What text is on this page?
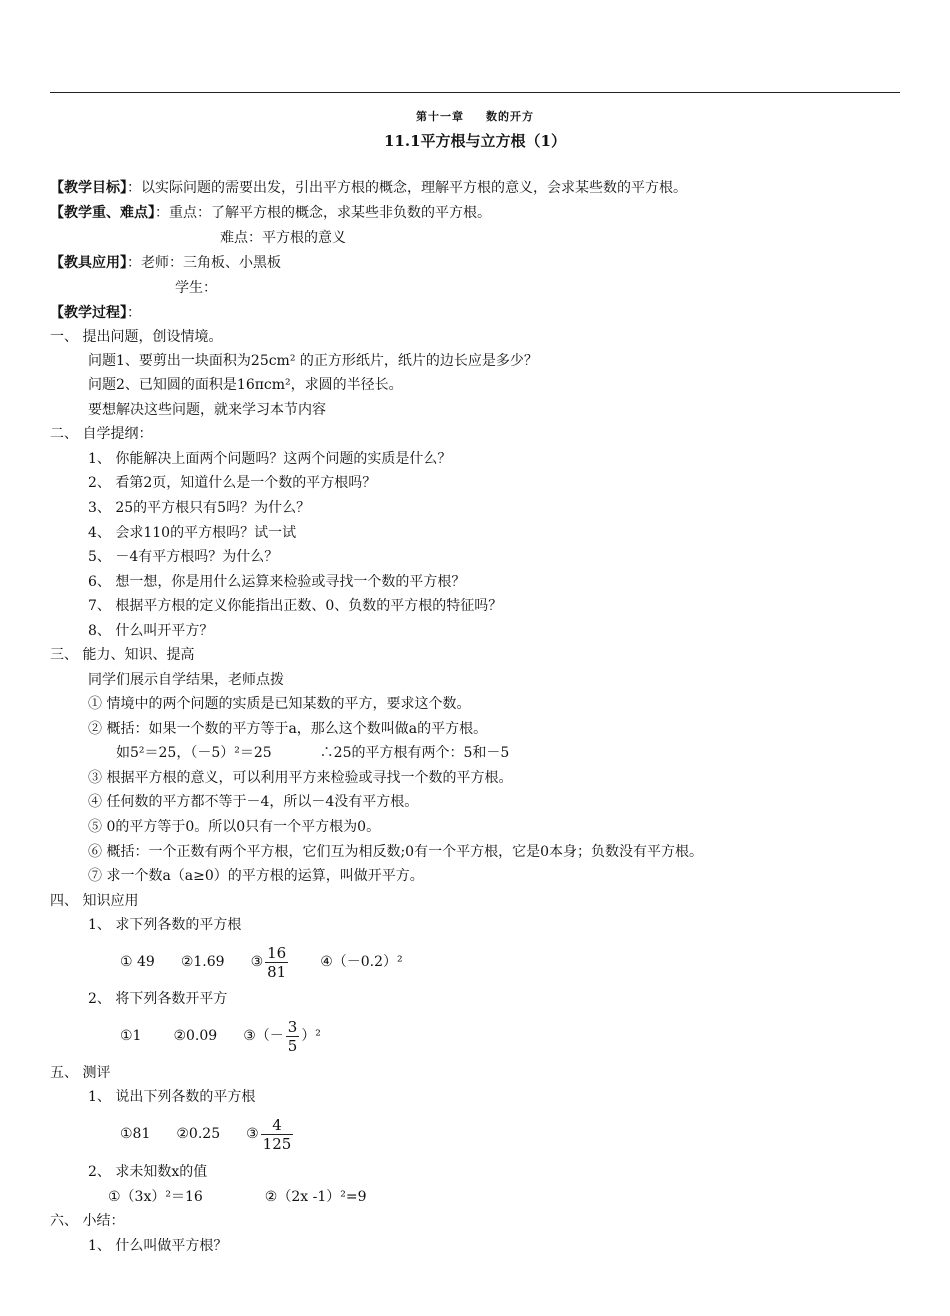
第十一章 数的开方
11.1平方根与立方根（1）
【教学目标】：以实际问题的需要出发，引出平方根的概念，理解平方根的意义，会求某些数的平方根。
【教学重、难点】：重点：了解平方根的概念，求某些非负数的平方根。
难点：平方根的意义
【教具应用】：老师：三角板、小黑板
学生：
【教学过程】：
一、 提出问题，创设情境。
问题1、要剪出一块面积为25cm² 的正方形纸片，纸片的边长应是多少？
问题2、已知圆的面积是16πcm²，求圆的半径长。
要想解决这些问题，就来学习本节内容
二、 自学提纲：
1、 你能解决上面两个问题吗？这两个问题的实质是什么？
2、 看第2页，知道什么是一个数的平方根吗？
3、 25的平方根只有5吗？为什么？
4、 会求110的平方根吗？试一试
5、 －4有平方根吗？为什么？
6、 想一想，你是用什么运算来检验或寻找一个数的平方根？
7、 根据平方根的定义你能指出正数、0、负数的平方根的特征吗？
8、 什么叫开平方？
三、 能力、知识、提高
同学们展示自学结果，老师点拨
① 情境中的两个问题的实质是已知某数的平方，要求这个数。
② 概括：如果一个数的平方等于a，那么这个数叫做a的平方根。
如5²＝25，（－5）²＝25	∴25的平方根有两个：5和－5
③ 根据平方根的意义，可以利用平方来检验或寻找一个数的平方根。
④ 任何数的平方都不等于－4，所以－4没有平方根。
⑤ 0的平方等于0。所以0只有一个平方根为0。
⑥ 概括：一个正数有两个平方根，它们互为相反数;0有一个平方根，它是0本身；负数没有平方根。
⑦ 求一个数a（a≥0）的平方根的运算，叫做开平方。
四、 知识应用
1、 求下列各数的平方根
① 49 ②1.69 ③ $\frac{16}{81}$ ④（－0.2）²
2、 将下列各数开平方
①1 ②0.09 ③（－ $\frac{3}{5} )^2$
五、 测评
1、 说出下列各数的平方根
①81 ②0.25 ③ $\frac{4}{125}$
2、 求未知数x的值
①（3x）²＝16	②（2x -1）²=9
六、 小结：
1、 什么叫做平方根？
